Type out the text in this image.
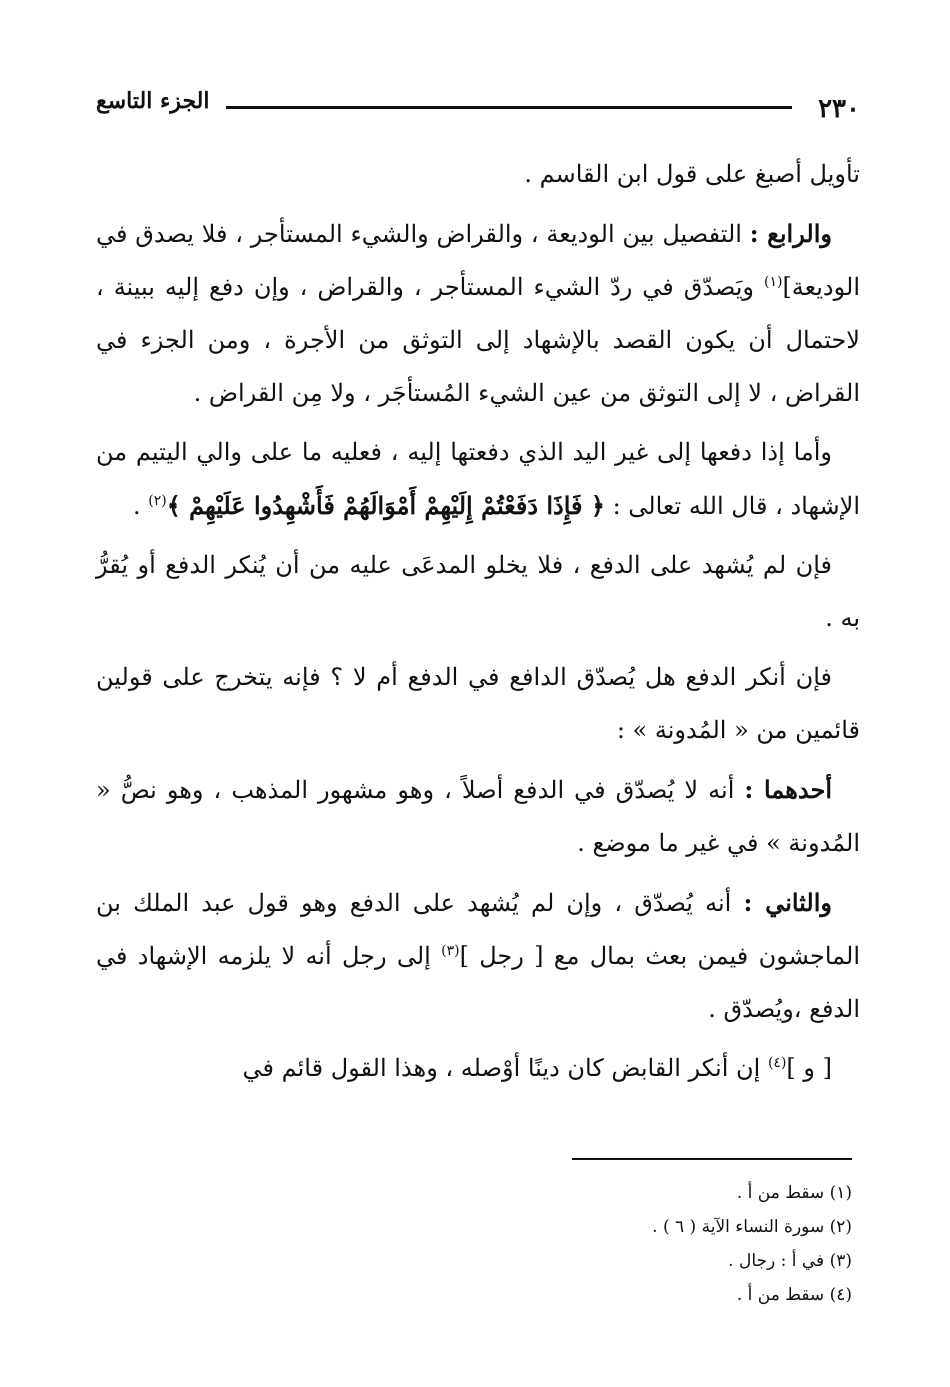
٢٣٠
الجزء التاسع

تأويل أصبغ على قول ابن القاسم .

والرابع : التفصيل بين الوديعة ، والقراض والشيء المستأجر ، فلا يصدق في الوديعة]$^{(١)}$ ويَصدّق في ردّ الشيء المستأجر ، والقراض ، وإن دفع إليه ببينة ، لاحتمال أن يكون القصد بالإشهاد إلى التوثق من الأجرة ، ومن الجزء في القراض ، لا إلى التوثق من عين الشيء المُستأجَر ، ولا مِن القراض .

وأما إذا دفعها إلى غير اليد الذي دفعتها إليه ، فعليه ما على والي اليتيم من الإشهاد ، قال الله تعالى : ﴿ فَإِذَا دَفَعْتُمْ إِلَيْهِمْ أَمْوَالَهُمْ فَأَشْهِدُوا عَلَيْهِمْ ﴾$^{(٢)}$ .

فإن لم يُشهد على الدفع ، فلا يخلو المدعَى عليه من أن يُنكر الدفع أو يُقرُّ به .

فإن أنكر الدفع هل يُصدّق الدافع في الدفع أم لا ؟ فإنه يتخرج على قولين قائمين من « المُدونة » :

أحدهما : أنه لا يُصدّق في الدفع أصلاً ، وهو مشهور المذهب ، وهو نصُّ « المُدونة » في غير ما موضع .

والثاني : أنه يُصدّق ، وإن لم يُشهد على الدفع وهو قول عبد الملك بن الماجشون فيمن بعث بمال مع [ رجل ]$^{(٣)}$ إلى رجل أنه لا يلزمه الإشهاد في الدفع ،ويُصدّق .

[ و ]$^{(٤)}$ إن أنكر القابض كان دينًا أوْصله ، وهذا القول قائم في

(١) سقط من أ .
(٢) سورة النساء الآية ( ٦ ) .
(٣) في أ : رجال .
(٤) سقط من أ .
